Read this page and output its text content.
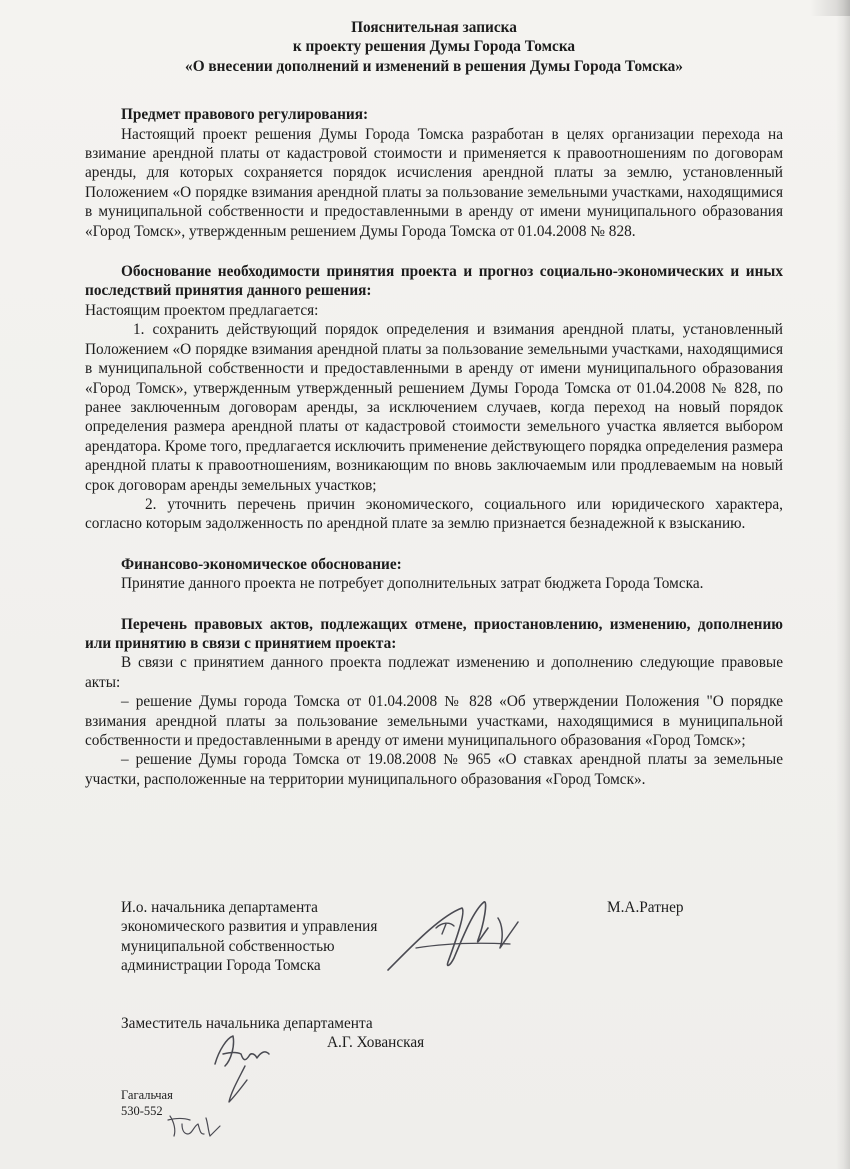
Пояснительная записка
к проекту решения Думы Города Томска
«О внесении дополнений и изменений в решения Думы Города Томска»
Предмет правового регулирования:

Настоящий проект решения Думы Города Томска разработан в целях организации перехода на взимание арендной платы от кадастровой стоимости и применяется к правоотношениям по договорам аренды, для которых сохраняется порядок исчисления арендной платы за землю, установленный Положением «О порядке взимания арендной платы за пользование земельными участками, находящимися в муниципальной собственности и предоставленными в аренду от имени муниципального образования «Город Томск», утвержденным решением Думы Города Томска от 01.04.2008 № 828.

Обоснование необходимости принятия проекта и прогноз социально-экономических и иных последствий принятия данного решения:

Настоящим проектом предлагается:

1. сохранить действующий порядок определения и взимания арендной платы, установленный Положением «О порядке взимания арендной платы за пользование земельными участками, находящимися в муниципальной собственности и предоставленными в аренду от имени муниципального образования «Город Томск», утвержденным утвержденный решением Думы Города Томска от 01.04.2008 № 828, по ранее заключенным договорам аренды, за исключением случаев, когда переход на новый порядок определения размера арендной платы от кадастровой стоимости земельного участка является выбором арендатора. Кроме того, предлагается исключить применение действующего порядка определения размера арендной платы к правоотношениям, возникающим по вновь заключаемым или продлеваемым на новый срок договорам аренды земельных участков;

2. уточнить перечень причин экономического, социального или юридического характера, согласно которым задолженность по арендной плате за землю признается безнадежной к взысканию.

Финансово-экономическое обоснование:

Принятие данного проекта не потребует дополнительных затрат бюджета Города Томска.

Перечень правовых актов, подлежащих отмене, приостановлению, изменению, дополнению или принятию в связи с принятием проекта:

В связи с принятием данного проекта подлежат изменению и дополнению следующие правовые акты:

– решение Думы города Томска от 01.04.2008 № 828 «Об утверждении Положения "О порядке взимания арендной платы за пользование земельными участками, находящимися в муниципальной собственности и предоставленными в аренду от имени муниципального образования «Город Томск»;

– решение Думы города Томска от 19.08.2008 № 965 «О ставках арендной платы за земельные участки, расположенные на территории муниципального образования «Город Томск».

И.о. начальника департамента
экономического развития и управления
муниципальной собственностью
администрации Города Томска
М.А.Ратнер
Заместитель начальника департамента
А.Г. Хованская
Гагальчая
530-552
